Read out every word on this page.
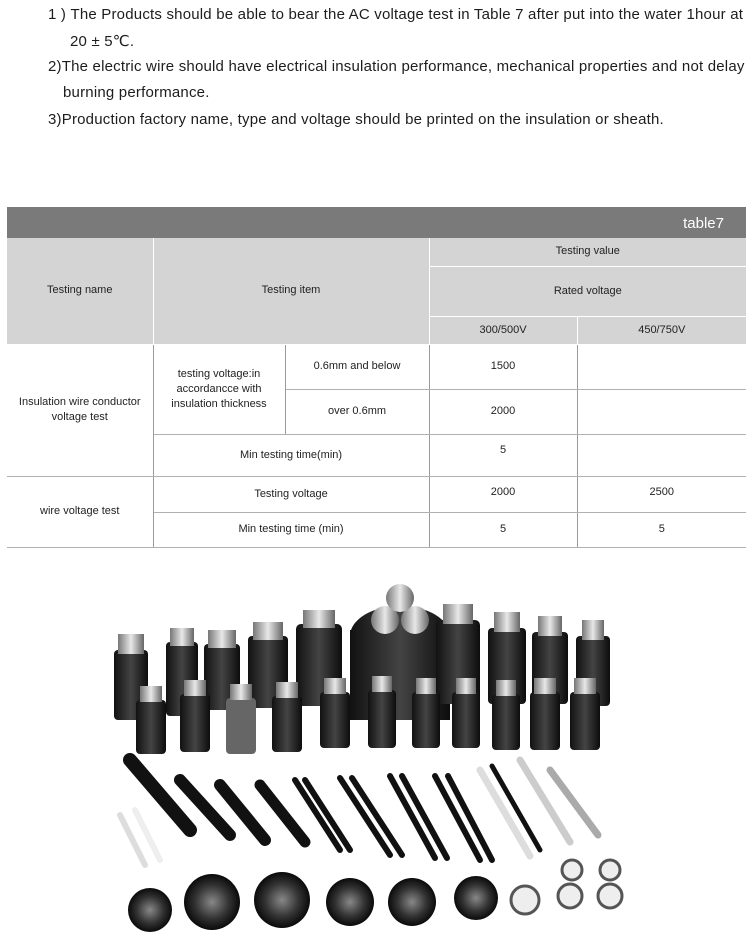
1 ) The Products should be able to bear the AC voltage test in Table 7 after put into the water 1hour at

20 ± 5℃.

2)The electric wire should have electrical insulation performance, mechanical properties and not delay

burning performance.

3)Production factory name, type and voltage should be printed on the insulation or sheath.

table7
Testing name	Testing item		Testing value	
			Rated voltage	
			300/500V	450/750V
Insulation wire conductor voltage test	testing voltage:in accordancce with insulation thickness	0.6mm and below	1500	
		over 0.6mm	2000	
	Min testing time(min)		5	
wire voltage test	Testing voltage		2000	2500
	Min testing time (min)		5	5
